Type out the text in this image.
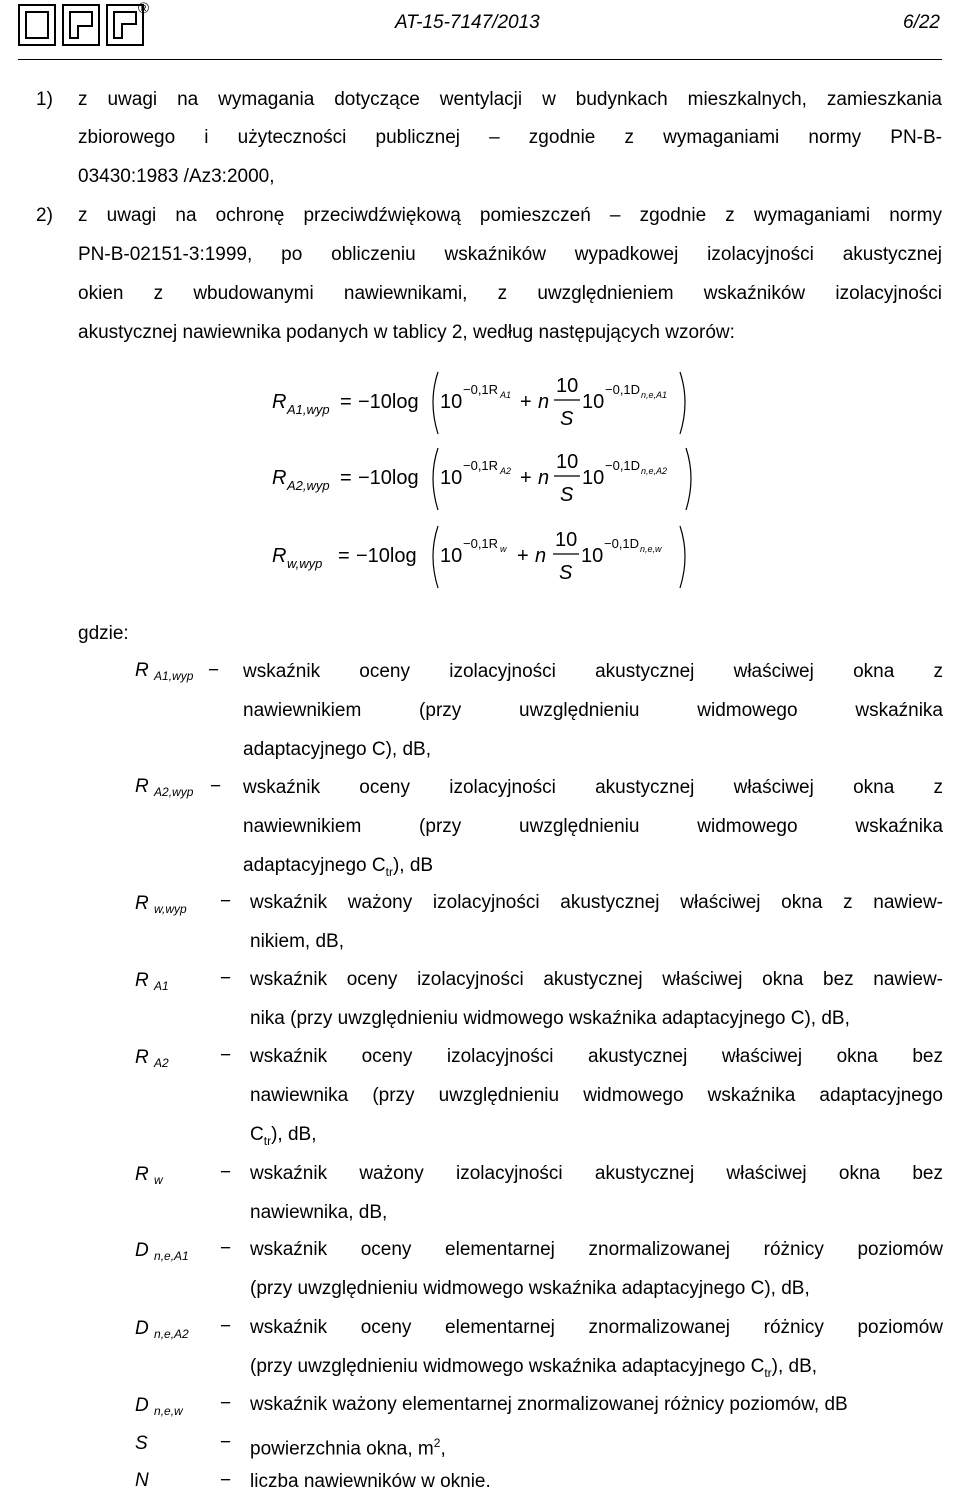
®
AT-15-7147/2013	6/22
1) z uwagi na wymagania dotyczące wentylacji w budynkach mieszkalnych, zamieszkania
zbiorowego i użyteczności publicznej – zgodnie z wymaganiami normy PN-B-
03430:1983 /Az3:2000,
2) z uwagi na ochronę przeciwdźwiękową pomieszczeń – zgodnie z wymaganiami normy
PN-B-02151-3:1999, po obliczeniu wskaźników wypadkowej izolacyjności akustycznej
okien z wbudowanymi nawiewnikami, z uwzględnieniem wskaźników izolacyjności
akustycznej nawiewnika podanych w tablicy 2, według następujących wzorów:
R A1,wyp = −10log 10
−0,1R A1 + n
10
S
10
−0,1D n,e,A1
R A2,wyp = −10log 10
−0,1R A2 + n
10
S
10
−0,1D n,e,A2
R w,wyp = −10log 10
−0,1R w + n
10
S
10
−0,1D n,e,w
gdzie:
R $_{A1,wyp}$ − wskaźnik oceny izolacyjności akustycznej właściwej okna z
nawiewnikiem (przy uwzględnieniu widmowego wskaźnika
adaptacyjnego C), dB,
R $_{A2,wyp}$ − wskaźnik oceny izolacyjności akustycznej właściwej okna z
nawiewnikiem (przy uwzględnieniu widmowego wskaźnika
adaptacyjnego $C_{tr}$), dB
R $_{w,wyp}$ − wskaźnik ważony izolacyjności akustycznej właściwej okna z nawiew-
nikiem, dB,
R $_{A1}$	− wskaźnik oceny izolacyjności akustycznej właściwej okna bez nawiew-
nika (przy uwzględnieniu widmowego wskaźnika adaptacyjnego C), dB,
R $_{A2}$	− wskaźnik oceny izolacyjności akustycznej właściwej okna bez
nawiewnika (przy uwzględnieniu widmowego wskaźnika adaptacyjnego
$C_{tr}$), dB,
R $_w$	− wskaźnik ważony izolacyjności akustycznej właściwej okna bez
nawiewnika, dB,
D $_{n,e,A1}$ − wskaźnik oceny elementarnej znormalizowanej różnicy poziomów
(przy uwzględnieniu widmowego wskaźnika adaptacyjnego C), dB,
D $_{n,e,A2}$ − wskaźnik oceny elementarnej znormalizowanej różnicy poziomów
(przy uwzględnieniu widmowego wskaźnika adaptacyjnego $C_{tr}$), dB,
D $_{n,e,w}$ − wskaźnik ważony elementarnej znormalizowanej różnicy poziomów, dB
S	− powierzchnia okna, $m^2$,
N	− liczba nawiewników w oknie.
